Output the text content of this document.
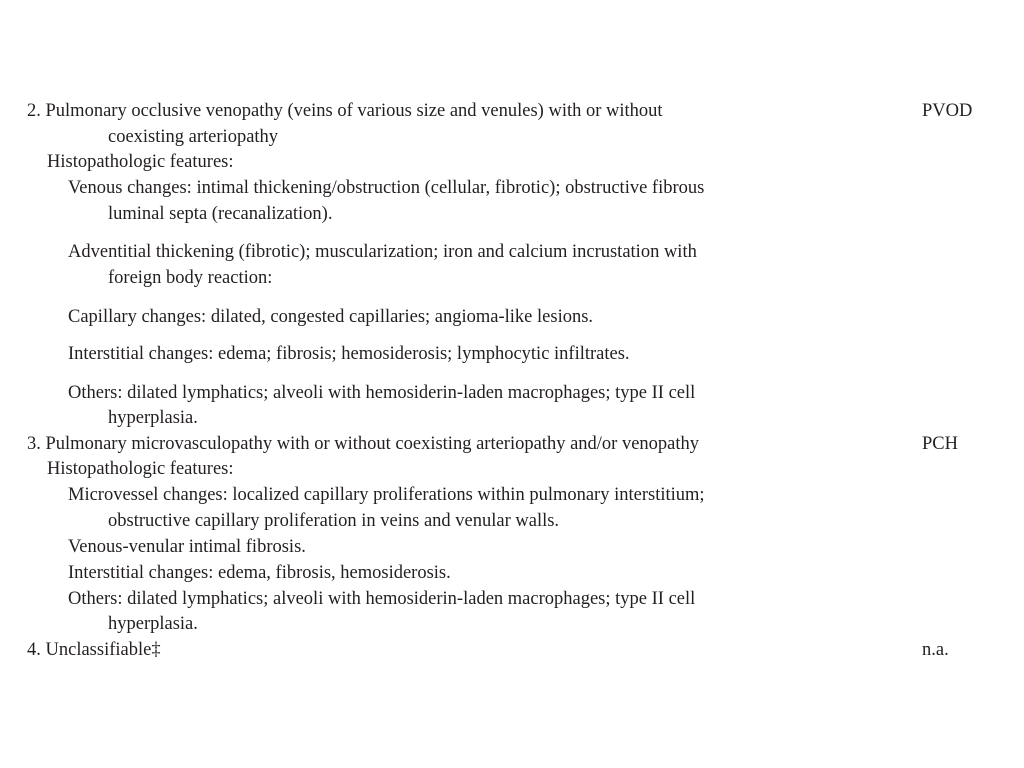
2. Pulmonary occlusive venopathy (veins of various size and venules) with or without	PVOD
coexisting arteriopathy
Histopathologic features:
Venous changes: intimal thickening/obstruction (cellular, fibrotic); obstructive fibrous
luminal septa (recanalization).
Adventitial thickening (fibrotic); muscularization; iron and calcium incrustation with
foreign body reaction:
Capillary changes: dilated, congested capillaries; angioma-like lesions.
Interstitial changes: edema; fibrosis; hemosiderosis; lymphocytic infiltrates.
Others: dilated lymphatics; alveoli with hemosiderin-laden macrophages; type II cell
hyperplasia.
3. Pulmonary microvasculopathy with or without coexisting arteriopathy and/or venopathy	PCH
Histopathologic features:
Microvessel changes: localized capillary proliferations within pulmonary interstitium;
obstructive capillary proliferation in veins and venular walls.
Venous-venular intimal fibrosis.
Interstitial changes: edema, fibrosis, hemosiderosis.
Others: dilated lymphatics; alveoli with hemosiderin-laden macrophages; type II cell
hyperplasia.
4. Unclassifiable‡	n.a.
